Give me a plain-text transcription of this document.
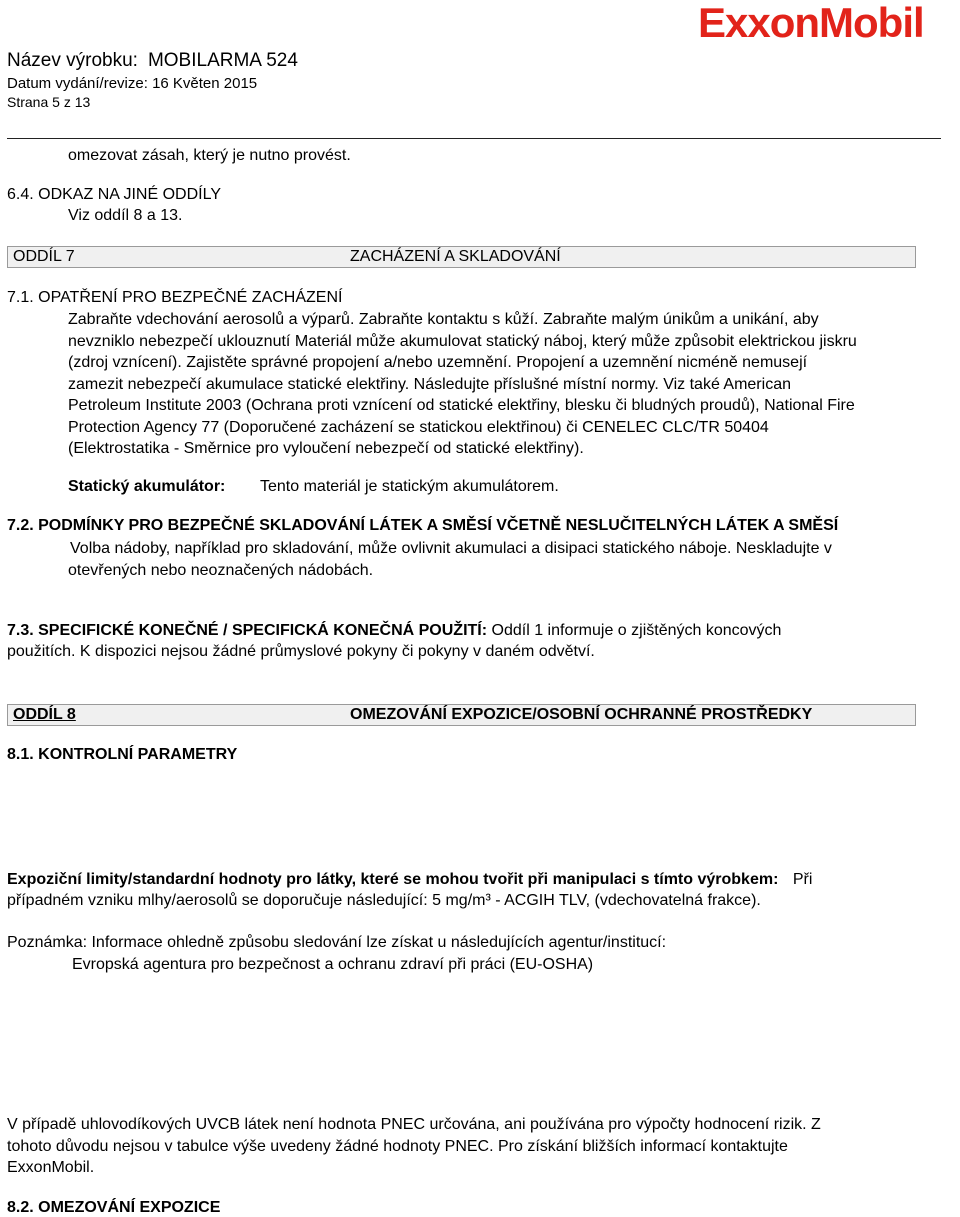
Název výrobku: MOBILARMA 524
Datum vydání/revize: 16 Květen 2015
Strana 5 z 13
ExxonMobil
omezovat zásah, který je nutno provést.
6.4. ODKAZ NA JINÉ ODDÍLY
Viz oddíl 8 a 13.
ODDÍL 7	ZACHÁZENÍ A SKLADOVÁNÍ
7.1. OPATŘENÍ PRO BEZPEČNÉ ZACHÁZENÍ
Zabraňte vdechování aerosolů a výparů. Zabraňte kontaktu s kůží. Zabraňte malým únikům a unikání, aby
nevzniklo nebezpečí uklouznutí Materiál může akumulovat statický náboj, který může způsobit elektrickou jiskru
(zdroj vznícení). Zajistěte správné propojení a/nebo uzemnění. Propojení a uzemnění nicméně nemusejí
zamezit nebezpečí akumulace statické elektřiny. Následujte příslušné místní normy. Viz také American
Petroleum Institute 2003 (Ochrana proti vznícení od statické elektřiny, blesku či bludných proudů), National Fire
Protection Agency 77 (Doporučené zacházení se statickou elektřinou) či CENELEC CLC/TR 50404
(Elektrostatika - Směrnice pro vyloučení nebezpečí od statické elektřiny).
Statický akumulátor: Tento materiál je statickým akumulátorem.
7.2. PODMÍNKY PRO BEZPEČNÉ SKLADOVÁNÍ LÁTEK A SMĚSÍ VČETNĚ NESLUČITELNÝCH LÁTEK A SMĚSÍ
Volba nádoby, například pro skladování, může ovlivnit akumulaci a disipaci statického náboje. Neskladujte v
otevřených nebo neoznačených nádobách.
7.3. SPECIFICKÉ KONEČNÉ / SPECIFICKÁ KONEČNÁ POUŽITÍ: Oddíl 1 informuje o zjištěných koncových
použitích. K dispozici nejsou žádné průmyslové pokyny či pokyny v daném odvětví.
ODDÍL 8	OMEZOVÁNÍ EXPOZICE/OSOBNÍ OCHRANNÉ PROSTŘEDKY
8.1. KONTROLNÍ PARAMETRY
Expoziční limity/standardní hodnoty pro látky, které se mohou tvořit při manipulaci s tímto výrobkem: Při
případném vzniku mlhy/aerosolů se doporučuje následující: 5 mg/m³ - ACGIH TLV, (vdechovatelná frakce).
Poznámka: Informace ohledně způsobu sledování lze získat u následujících agentur/institucí:
Evropská agentura pro bezpečnost a ochranu zdraví při práci (EU-OSHA)
V případě uhlovodíkových UVCB látek není hodnota PNEC určována, ani používána pro výpočty hodnocení rizik. Z
tohoto důvodu nejsou v tabulce výše uvedeny žádné hodnoty PNEC. Pro získání bližších informací kontaktujte
ExxonMobil.
8.2. OMEZOVÁNÍ EXPOZICE
